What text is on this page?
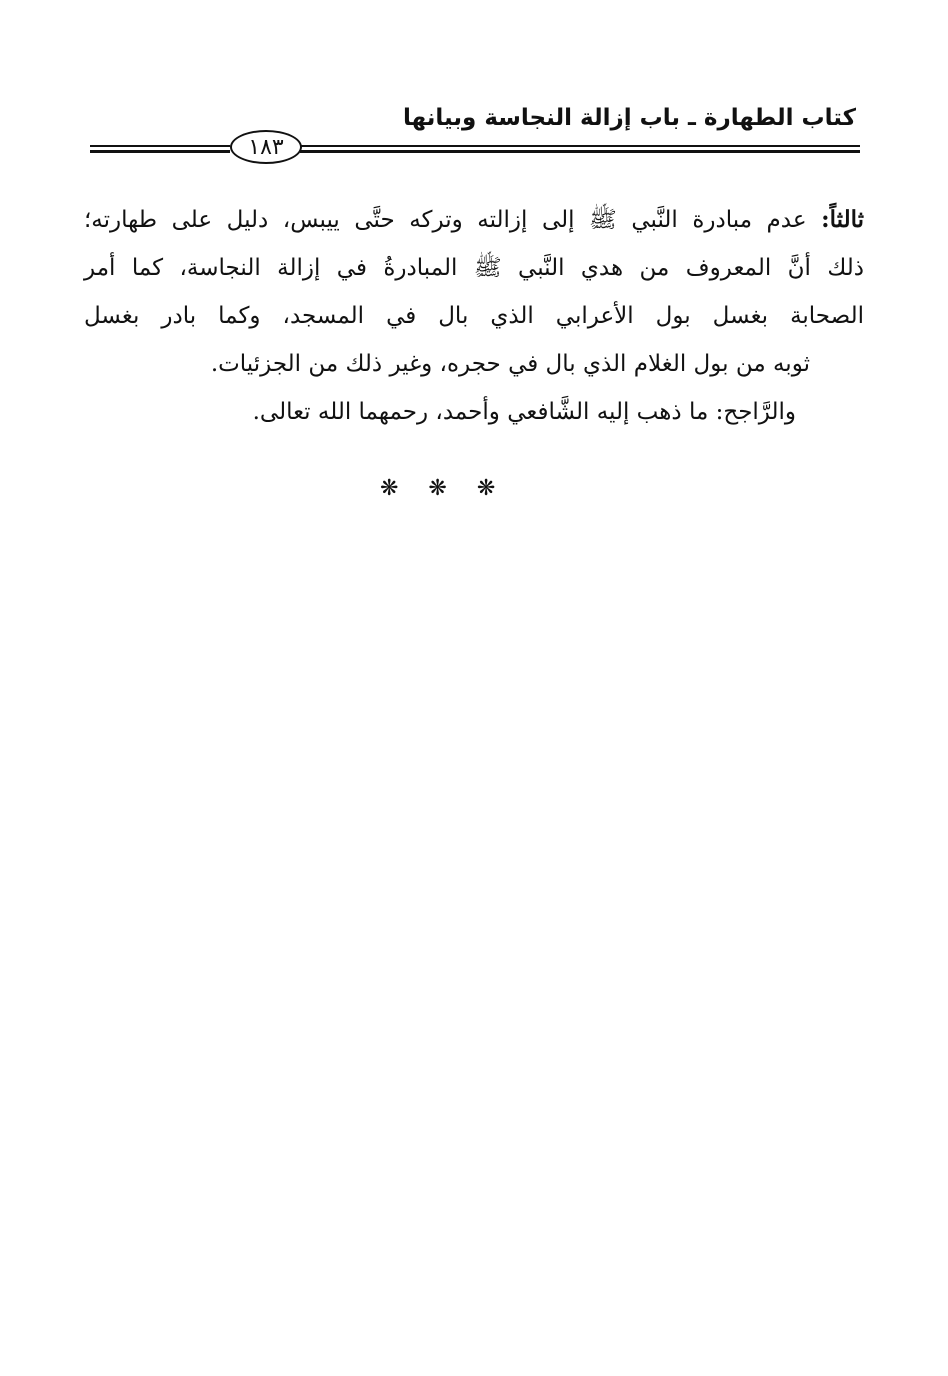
كتاب الطهارة ـ باب إزالة النجاسة وبيانها
١٨٣
ثالثاً: عدم مبادرة النَّبي ﷺ إلى إزالته وتركه حتَّى ييبس، دليل على طهارته؛
ذلك أنَّ المعروف من هدي النَّبي ﷺ المبادرةُ في إزالة النجاسة، كما أمر
الصحابة بغسل بول الأعرابي الذي بال في المسجد، وكما بادر بغسل
ثوبه من بول الغلام الذي بال في حجره، وغير ذلك من الجزئيات.
والرَّاجح: ما ذهب إليه الشَّافعي وأحمد، رحمهما الله تعالى.
❋❋❋
